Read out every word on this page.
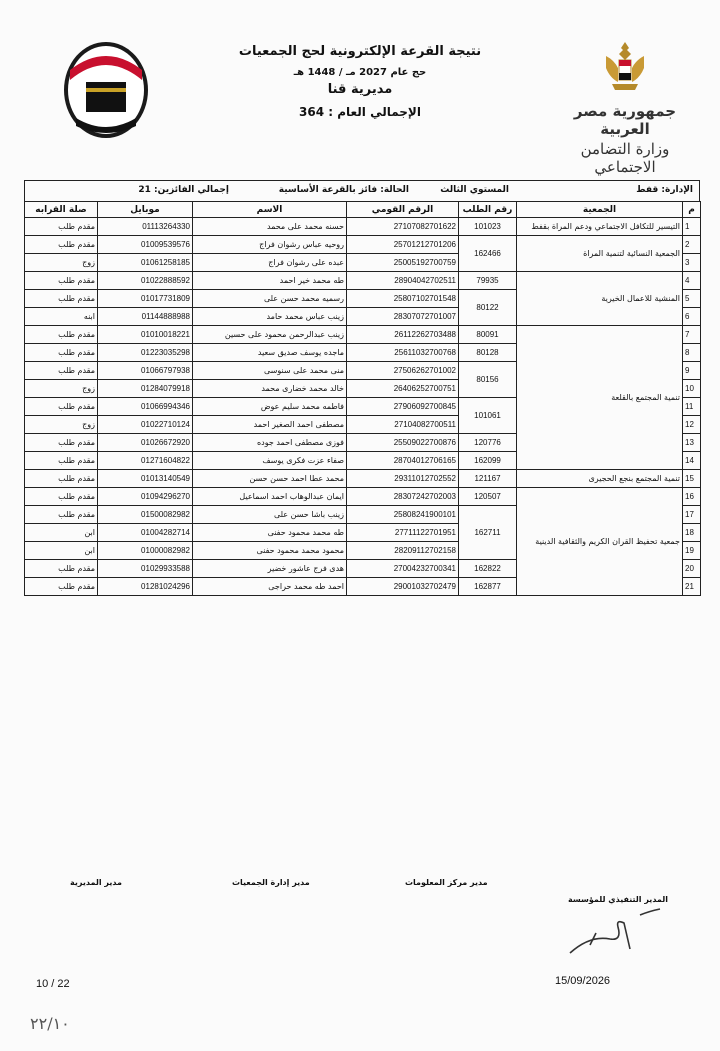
جمهورية مصر العربية
وزارة التضامن الاجتماعي
نتيجة القرعة الإلكترونية لحج الجمعيات
حج عام 2027 مـ / 1448 هـ
مديرية قنا
الإجمالي العام : 364
الإدارة: قفط
المستوي الثالث
الحالة: فائز بالقرعة الأساسية
إجمالي الفائزين: 21
م	الجمعية	رقم الطلب	الرقم القومي	الاسم	موبايل	صلة القرابه
1	التيسير للتكافل الاجتماعي ودعم المراة بقفط	101023	27107082701622	حسنه محمد على محمد	01113264330	مقدم طلب
2	الجمعية النسائية لتنمية المراة	162466	25701212701206	روحيه عباس رشوان فراج	01009539576	مقدم طلب
3			25005192700759	عبده على رشوان فراج	01061258185	زوج
4	المنشية للاعمال الخيرية	79935	28904042702511	طه محمد خير احمد	01022888592	مقدم طلب
5		80122	25807102701548	رسميه محمد حسن على	01017731809	مقدم طلب
6			28307072701007	زينب عباس محمد حامد	01144888988	ابنه
7	تنمية المجتمع بالقلعة	80091	26112262703488	زينب عبدالرحمن محمود على حسين	01010018221	مقدم طلب
8		80128	25611032700768	ماجده يوسف صديق سعيد	01223035298	مقدم طلب
9		80156	27506262701002	منى محمد على سنوسى	01066797938	مقدم طلب
10			26406252700751	خالد محمد خضارى محمد	01284079918	زوج
11		101061	27906092700845	فاطمه محمد سليم عوض	01066994346	مقدم طلب
12			27104082700511	مصطفى احمد الصغير احمد	01022710124	زوج
13		120776	25509022700876	فوزى مصطفى احمد جوده	01026672920	مقدم طلب
14		162099	28704012706165	صفاء عزت فكرى يوسف	01271604822	مقدم طلب
15	تنمية المجتمع بنجع الحجيرى	121167	29311012702552	محمد عطا احمد حسن حسن	01013140549	مقدم طلب
16	جمعية تحفيظ القران الكريم والثقافية الدينية	120507	28307242702003	ايمان عبدالوهاب احمد اسماعيل	01094296270	مقدم طلب
17		162711	25808241900101	زينب باشا حسن على	01500082982	مقدم طلب
18			27711122701951	طه محمد محمود حفنى	01004282714	ابن
19			28209112702158	محمود محمد محمود حفنى	01000082982	ابن
20		162822	27004232700341	هدى فرج عاشور خضير	01029933588	مقدم طلب
21		162877	29001032702479	احمد طه محمد حراجى	01281024296	مقدم طلب
مدير المديرية	مدير إدارة الجمعيات	مدير مركز المعلومات
المدير التنفيذي للمؤسسة
10 / 22	15/09/2026
٢٢/١٠
